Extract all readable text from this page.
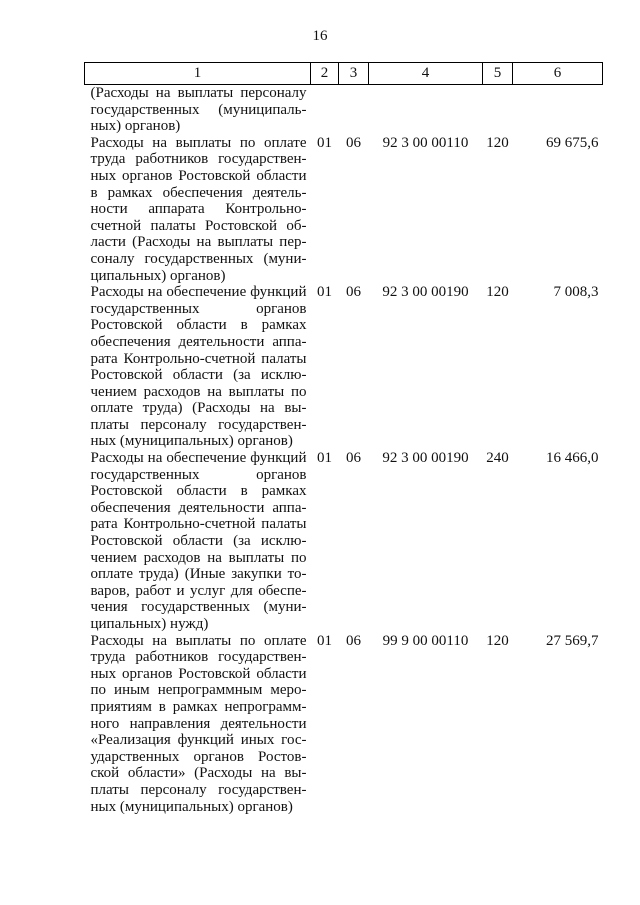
16
1	2	3	4	5	6
(Расходы на выплаты персоналу государственных (муниципальных) органов)					
Расходы на выплаты по оплате труда работников государственных органов Ростовской области в рамках обеспечения деятельности аппарата Контрольно-счетной палаты Ростовской области (Расходы на выплаты персоналу государственных (муниципальных) органов)	01	06	92 3 00 00110	120	69 675,6
Расходы на обеспечение функций государственных органов Ростовской области в рамках обеспечения деятельности аппарата Контрольно-счетной палаты Ростовской области (за исключением расходов на выплаты по оплате труда) (Расходы на выплаты персоналу государственных (муниципальных) органов)	01	06	92 3 00 00190	120	7 008,3
Расходы на обеспечение функций государственных органов Ростовской области в рамках обеспечения деятельности аппарата Контрольно-счетной палаты Ростовской области (за исключением расходов на выплаты по оплате труда) (Иные закупки товаров, работ и услуг для обеспечения государственных (муниципальных) нужд)	01	06	92 3 00 00190	240	16 466,0
Расходы на выплаты по оплате труда работников государственных органов Ростовской области по иным непрограммным мероприятиям в рамках непрограммного направления деятельности «Реализация функций иных государственных органов Ростовской области» (Расходы на выплаты персоналу государственных (муниципальных) органов)	01	06	99 9 00 00110	120	27 569,7
